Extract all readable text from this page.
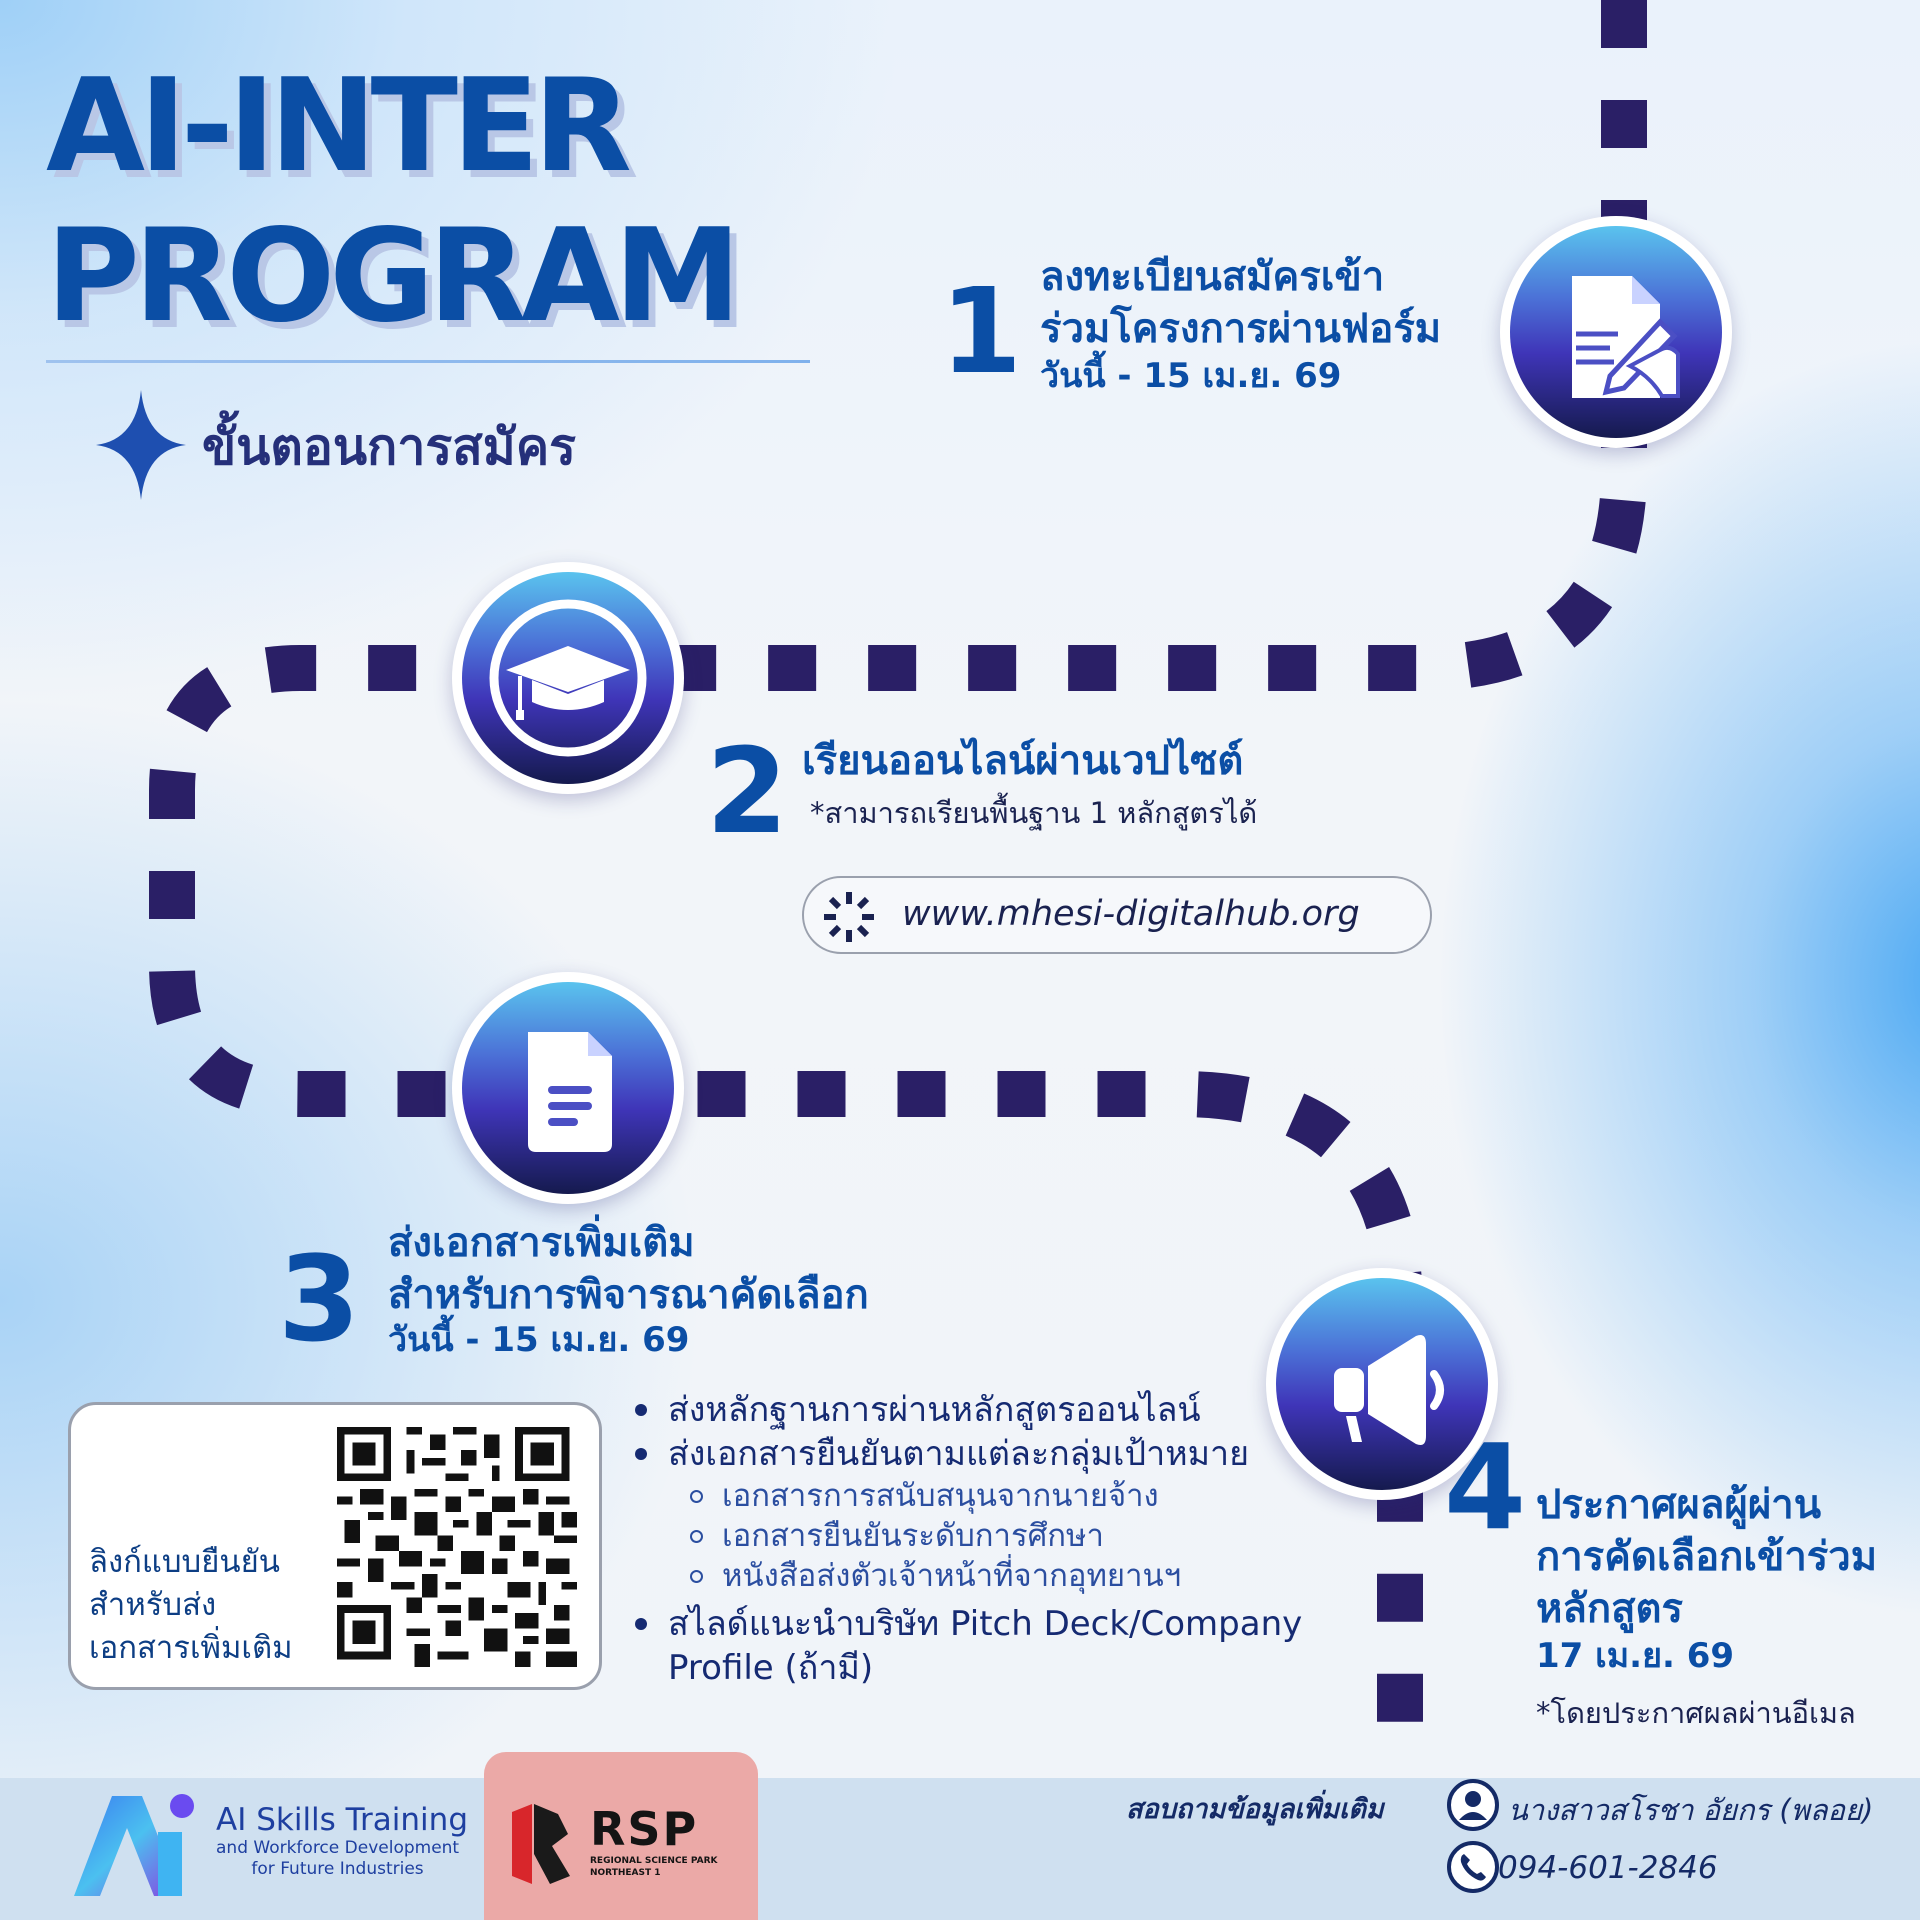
AI-INTER
PROGRAM
ขั้นตอนการสมัคร
1 ลงทะเบียนสมัครเข้า
ร่วมโครงการผ่านฟอร์ม
วันนี้ - 15 เม.ย. 69
2 เรียนออนไลน์ผ่านเวปไซต์
*สามารถเรียนพื้นฐาน 1 หลักสูตรได้
www.mhesi-digitalhub.org
3 ส่งเอกสารเพิ่มเติม
สำหรับการพิจารณาคัดเลือก
วันนี้ - 15 เม.ย. 69
ลิงก์แบบยืนยัน
สำหรับส่ง
เอกสารเพิ่มเติม
ส่งหลักฐานการผ่านหลักสูตรออนไลน์
ส่งเอกสารยืนยันตามแต่ละกลุ่มเป้าหมาย
เอกสารการสนับสนุนจากนายจ้าง
เอกสารยืนยันระดับการศึกษา
หนังสือส่งตัวเจ้าหน้าที่จากอุทยานฯ
สไลด์แนะนำบริษัท Pitch Deck/Company
Profile (ถ้ามี)
4 ประกาศผลผู้ผ่าน
การคัดเลือกเข้าร่วม
หลักสูตร
17 เม.ย. 69
*โดยประกาศผลผ่านอีเมล
AI Skills Training
and Workforce Development
for Future Industries
RSP
REGIONAL SCIENCE PARK
NORTHEAST 1
สอบถามข้อมูลเพิ่มเติม	นางสาวสโรชา อัยกร (พลอย)
094-601-2846
